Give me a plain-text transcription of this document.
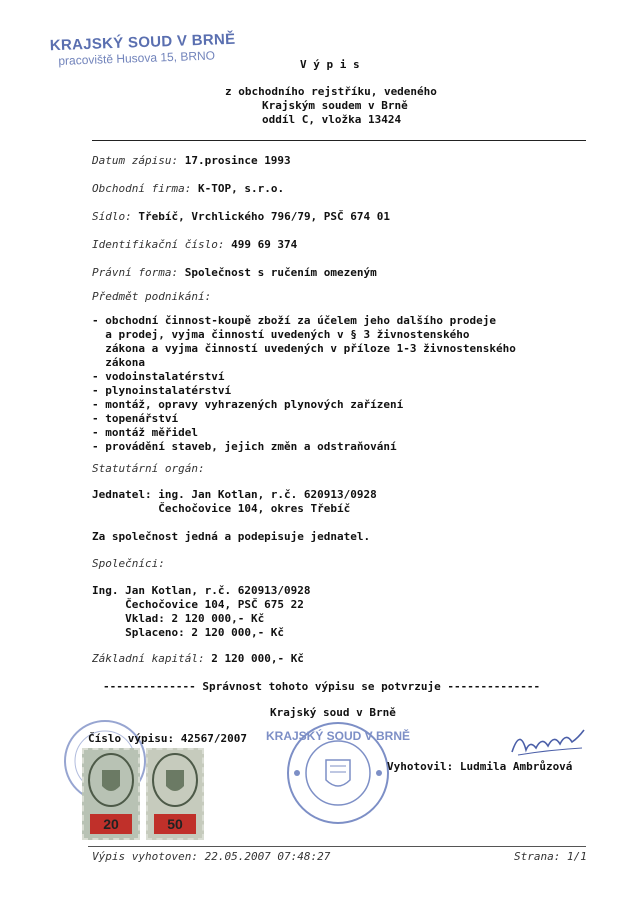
KRAJSKÝ SOUD V BRNĚ
pracoviště Husova 15, BRNO	V ý p i s
z obchodního rejstříku, vedeného
Krajským soudem v Brně
oddíl C, vložka 13424
Datum zápisu: 17.prosince 1993
Obchodní firma: K-TOP, s.r.o.
Sídlo: Třebíč, Vrchlického 796/79, PSČ 674 01
Identifikační číslo: 499 69 374
Právní forma: Společnost s ručením omezeným
Předmět podnikání:
- obchodní činnost-koupě zboží za účelem jeho dalšího prodeje
a prodej, vyjma činností uvedených v § 3 živnostenského
zákona a vyjma činností uvedených v příloze 1-3 živnostenského
zákona
- vodoinstalatérství
- plynoinstalatérství
- montáž, opravy vyhrazených plynových zařízení
- topenářství
- montáž měřidel
- provádění staveb, jejich změn a odstraňování
Statutární orgán:
Jednatel: ing. Jan Kotlan, r.č. 620913/0928
Čechočovice 104, okres Třebíč
Za společnost jedná a podepisuje jednatel.
Společníci:
Ing. Jan Kotlan, r.č. 620913/0928
Čechočovice 104, PSČ 675 22
Vklad: 2 120 000,- Kč
Splaceno: 2 120 000,- Kč
Základní kapitál: 2 120 000,- Kč
-------------- Správnost tohoto výpisu se potvrzuje --------------
Krajský soud v Brně
20	50
Číslo výpisu: 42567/2007 KRAJSKÝ SOUD V BRNĚ
Vyhotovil: Ludmila Ambrůzová
Výpis vyhotoven: 22.05.2007 07:48:27	Strana: 1/1
